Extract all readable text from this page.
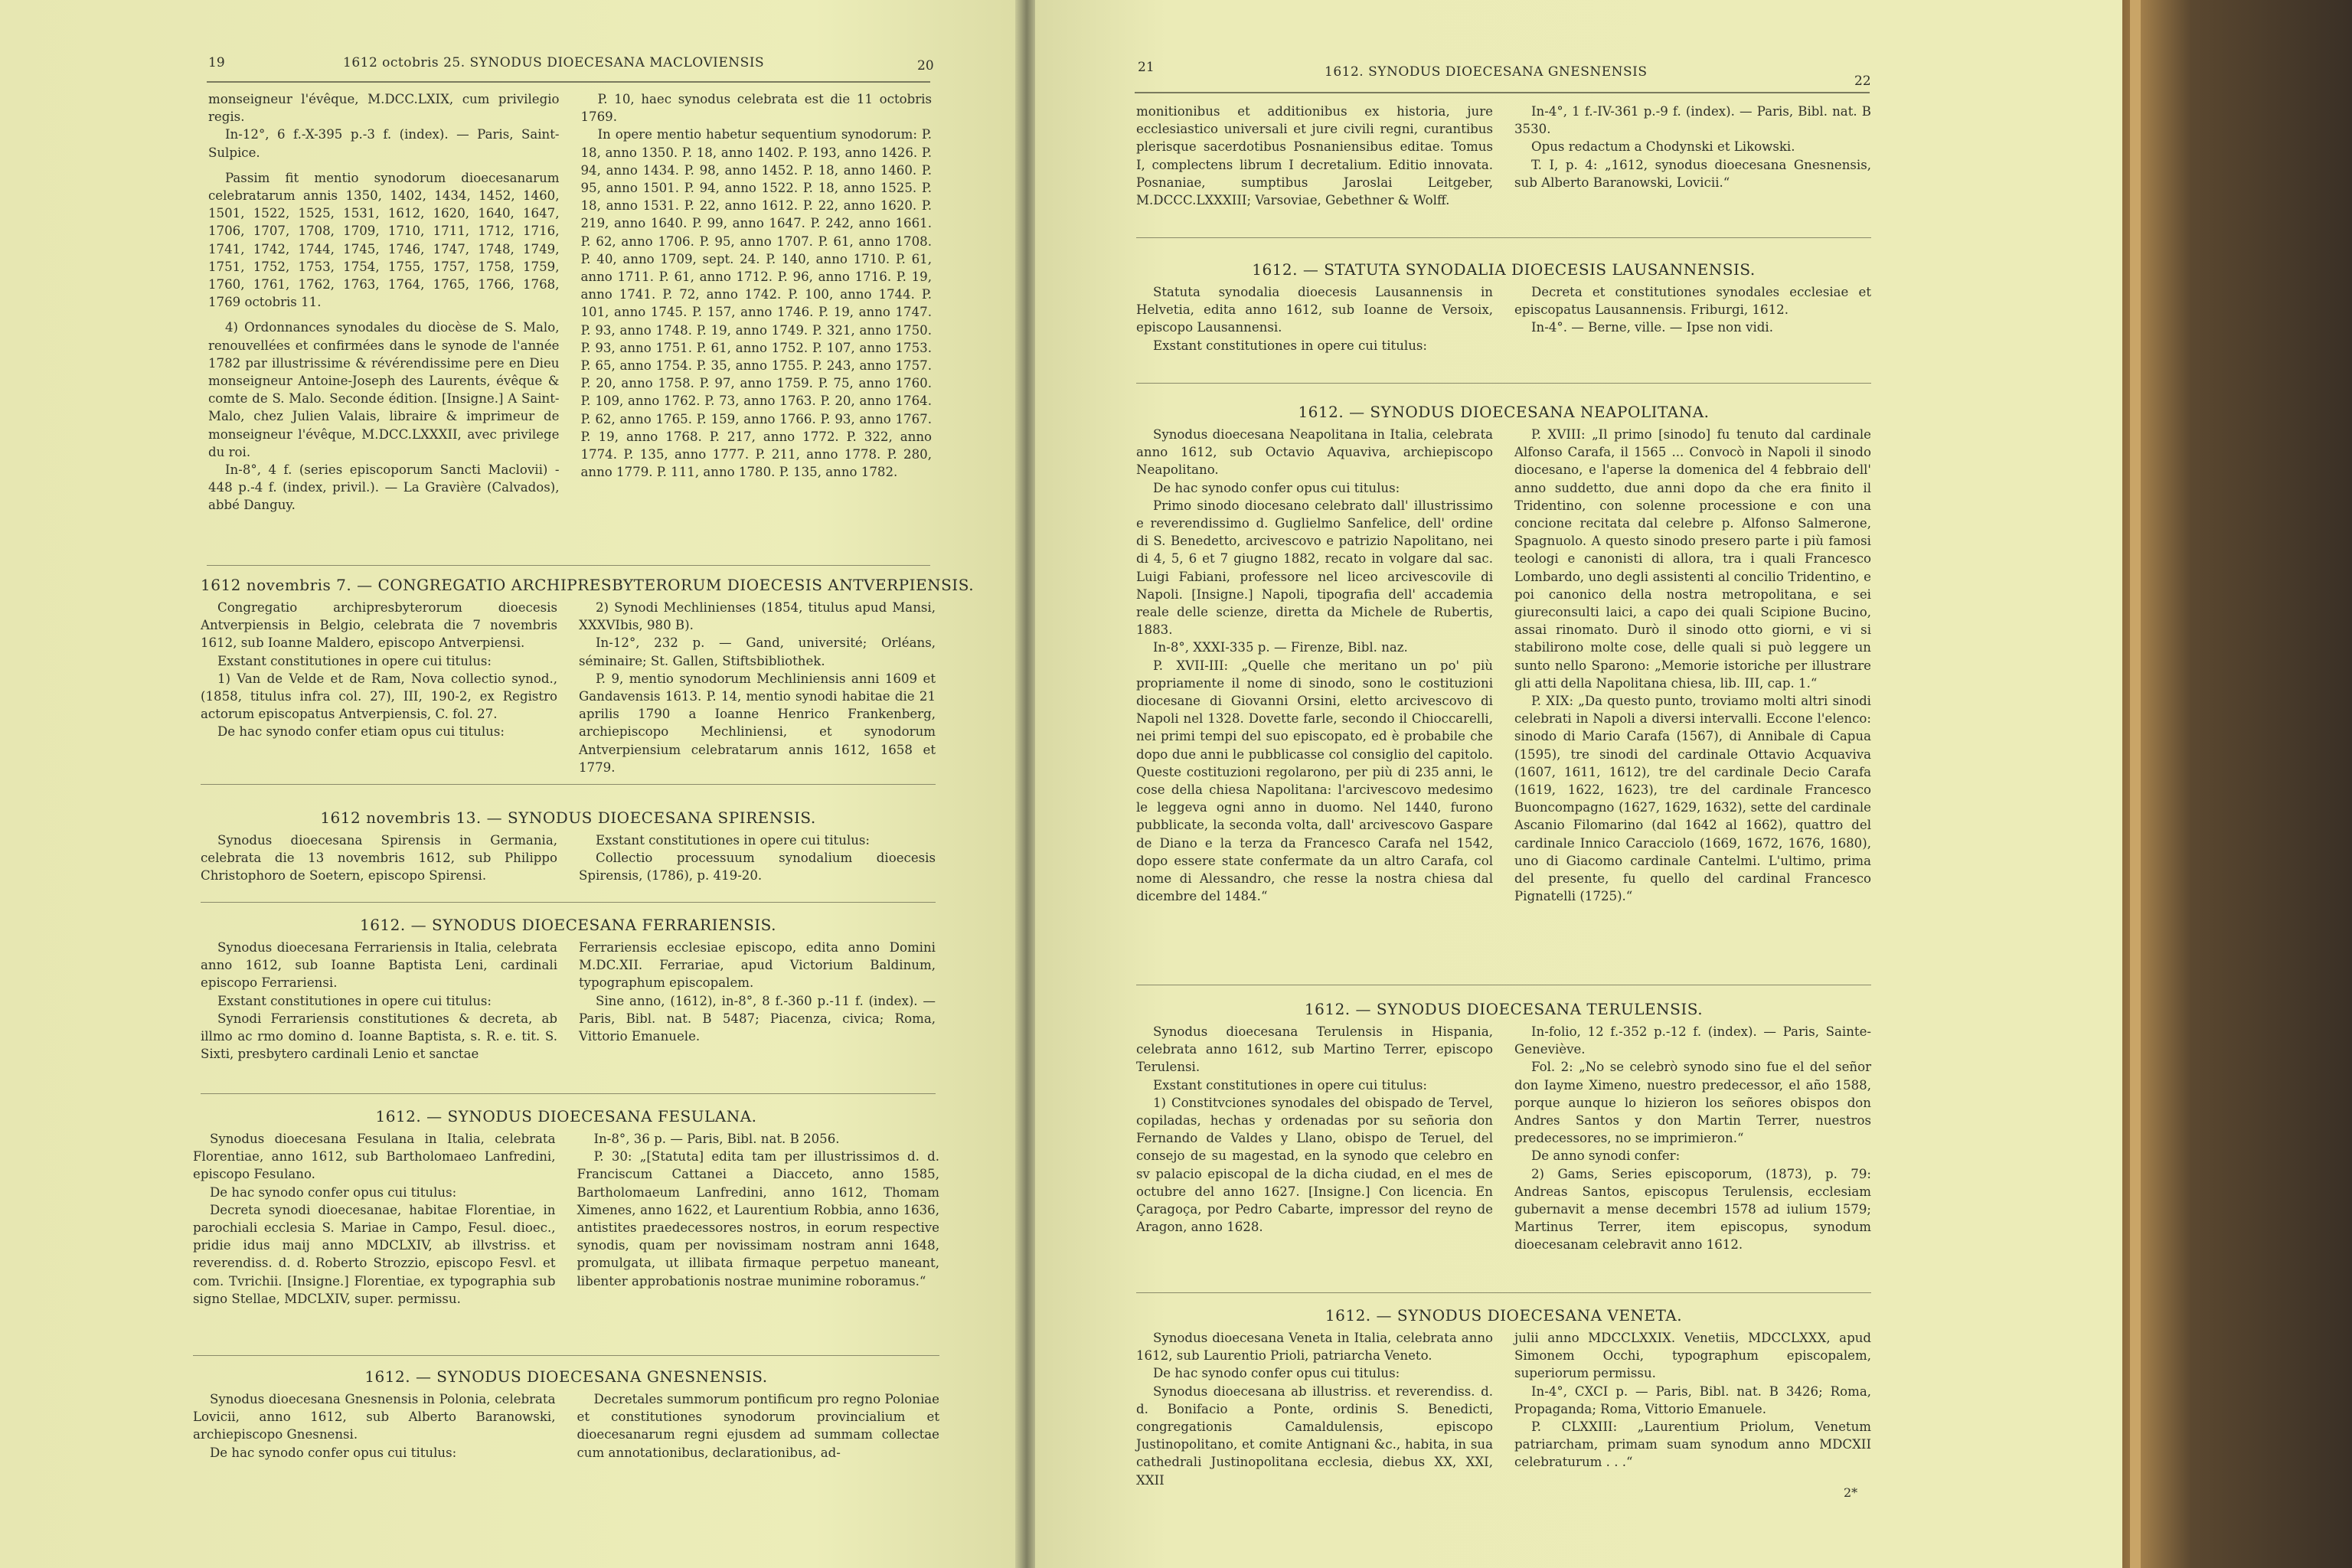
19	1612 octobris 25. SYNODUS DIOECESANA MACLOVIENSIS	20

monseigneur l'évêque, M.DCC.LXIX, cum privilegio regis.

In-12°, 6 f.-X-395 p.-3 f. (index). — Paris, Saint-Sulpice.

Passim fit mentio synodorum dioecesanarum celebratarum annis 1350, 1402, 1434, 1452, 1460, 1501, 1522, 1525, 1531, 1612, 1620, 1640, 1647, 1706, 1707, 1708, 1709, 1710, 1711, 1712, 1716, 1741, 1742, 1744, 1745, 1746, 1747, 1748, 1749, 1751, 1752, 1753, 1754, 1755, 1757, 1758, 1759, 1760, 1761, 1762, 1763, 1764, 1765, 1766, 1768, 1769 octobris 11.

4) Ordonnances synodales du diocèse de S. Malo, renouvellées et confirmées dans le synode de l'année 1782 par illustrissime & révérendissime pere en Dieu monseigneur Antoine-Joseph des Laurents, évêque & comte de S. Malo. Seconde édition. [Insigne.] A Saint-Malo, chez Julien Valais, libraire & imprimeur de monseigneur l'évêque, M.DCC.LXXXII, avec privilege du roi.

In-8°, 4 f. (series episcoporum Sancti Maclovii) - 448 p.-4 f. (index, privil.). — La Gravière (Calvados), abbé Danguy.

P. 10, haec synodus celebrata est die 11 octobris 1769.

In opere mentio habetur sequentium synodorum: P. 18, anno 1350. P. 18, anno 1402. P. 193, anno 1426. P. 94, anno 1434. P. 98, anno 1452. P. 18, anno 1460. P. 95, anno 1501. P. 94, anno 1522. P. 18, anno 1525. P. 18, anno 1531. P. 22, anno 1612. P. 22, anno 1620. P. 219, anno 1640. P. 99, anno 1647. P. 242, anno 1661. P. 62, anno 1706. P. 95, anno 1707. P. 61, anno 1708. P. 40, anno 1709, sept. 24. P. 140, anno 1710. P. 61, anno 1711. P. 61, anno 1712. P. 96, anno 1716. P. 19, anno 1741. P. 72, anno 1742. P. 100, anno 1744. P. 101, anno 1745. P. 157, anno 1746. P. 19, anno 1747. P. 93, anno 1748. P. 19, anno 1749. P. 321, anno 1750. P. 93, anno 1751. P. 61, anno 1752. P. 107, anno 1753. P. 65, anno 1754. P. 35, anno 1755. P. 243, anno 1757. P. 20, anno 1758. P. 97, anno 1759. P. 75, anno 1760. P. 109, anno 1762. P. 73, anno 1763. P. 20, anno 1764. P. 62, anno 1765. P. 159, anno 1766. P. 93, anno 1767. P. 19, anno 1768. P. 217, anno 1772. P. 322, anno 1774. P. 135, anno 1777. P. 211, anno 1778. P. 280, anno 1779. P. 111, anno 1780. P. 135, anno 1782.

1612 novembris 7. — CONGREGATIO ARCHIPRESBYTERORUM DIOECESIS ANTVERPIENSIS.

Congregatio archipresbyterorum dioecesis Antverpiensis in Belgio, celebrata die 7 novembris 1612, sub Ioanne Maldero, episcopo Antverpiensi.

Exstant constitutiones in opere cui titulus:

1) Van de Velde et de Ram, Nova collectio synod., (1858, titulus infra col. 27), III, 190-2, ex Registro actorum episcopatus Antverpiensis, C. fol. 27.

De hac synodo confer etiam opus cui titulus:

2) Synodi Mechlinienses (1854, titulus apud Mansi, XXXVIbis, 980 B).

In-12°, 232 p. — Gand, université; Orléans, séminaire; St. Gallen, Stiftsbibliothek.

P. 9, mentio synodorum Mechliniensis anni 1609 et Gandavensis 1613. P. 14, mentio synodi habitae die 21 aprilis 1790 a Ioanne Henrico Frankenberg, archiepiscopo Mechliniensi, et synodorum Antverpiensium celebratarum annis 1612, 1658 et 1779.

1612 novembris 13. — SYNODUS DIOECESANA SPIRENSIS.

Synodus dioecesana Spirensis in Germania, celebrata die 13 novembris 1612, sub Philippo Christophoro de Soetern, episcopo Spirensi.

Exstant constitutiones in opere cui titulus:

Collectio processuum synodalium dioecesis Spirensis, (1786), p. 419-20.

1612. — SYNODUS DIOECESANA FERRARIENSIS.

Synodus dioecesana Ferrariensis in Italia, celebrata anno 1612, sub Ioanne Baptista Leni, cardinali episcopo Ferrariensi.

Exstant constitutiones in opere cui titulus:

Synodi Ferrariensis constitutiones & decreta, ab illmo ac rmo domino d. Ioanne Baptista, s. R. e. tit. S. Sixti, presbytero cardinali Lenio et sanctae

Ferrariensis ecclesiae episcopo, edita anno Domini M.DC.XII. Ferrariae, apud Victorium Baldinum, typographum episcopalem.

Sine anno, (1612), in-8°, 8 f.-360 p.-11 f. (index). — Paris, Bibl. nat. B 5487; Piacenza, civica; Roma, Vittorio Emanuele.

1612. — SYNODUS DIOECESANA FESULANA.

Synodus dioecesana Fesulana in Italia, celebrata Florentiae, anno 1612, sub Bartholomaeo Lanfredini, episcopo Fesulano.

De hac synodo confer opus cui titulus:

Decreta synodi dioecesanae, habitae Florentiae, in parochiali ecclesia S. Mariae in Campo, Fesul. dioec., pridie idus maij anno MDCLXIV, ab illvstriss. et reverendiss. d. d. Roberto Strozzio, episcopo Fesvl. et com. Tvrichii. [Insigne.] Florentiae, ex typographia sub signo Stellae, MDCLXIV, super. permissu.

In-8°, 36 p. — Paris, Bibl. nat. B 2056.

P. 30: „[Statuta] edita tam per illustrissimos d. d. Franciscum Cattanei a Diacceto, anno 1585, Bartholomaeum Lanfredini, anno 1612, Thomam Ximenes, anno 1622, et Laurentium Robbia, anno 1636, antistites praedecessores nostros, in eorum respective synodis, quam per novissimam nostram anni 1648, promulgata, ut illibata firmaque perpetuo maneant, libenter approbationis nostrae munimine roboramus.“

1612. — SYNODUS DIOECESANA GNESNENSIS.

Synodus dioecesana Gnesnensis in Polonia, celebrata Lovicii, anno 1612, sub Alberto Baranowski, archiepiscopo Gnesnensi.

De hac synodo confer opus cui titulus:

Decretales summorum pontificum pro regno Poloniae et constitutiones synodorum provincialium et dioecesanarum regni ejusdem ad summam collectae cum annotationibus, declarationibus, ad-

21	1612. SYNODUS DIOECESANA GNESNENSIS
22

monitionibus et additionibus ex historia, jure ecclesiastico universali et jure civili regni, curantibus plerisque sacerdotibus Posnaniensibus editae. Tomus I, complectens librum I decretalium. Editio innovata. Posnaniae, sumptibus Jaroslai Leitgeber, M.DCCC.LXXXIII; Varsoviae, Gebethner & Wolff.

In-4°, 1 f.-IV-361 p.-9 f. (index). — Paris, Bibl. nat. B 3530.

Opus redactum a Chodynski et Likowski.

T. I, p. 4: „1612, synodus dioecesana Gnesnensis, sub Alberto Baranowski, Lovicii.“

1612. — STATUTA SYNODALIA DIOECESIS LAUSANNENSIS.

Statuta synodalia dioecesis Lausannensis in Helvetia, edita anno 1612, sub Ioanne de Versoix, episcopo Lausannensi.

Exstant constitutiones in opere cui titulus:

Decreta et constitutiones synodales ecclesiae et episcopatus Lausannensis. Friburgi, 1612.

In-4°. — Berne, ville. — Ipse non vidi.

1612. — SYNODUS DIOECESANA NEAPOLITANA.

Synodus dioecesana Neapolitana in Italia, celebrata anno 1612, sub Octavio Aquaviva, archiepiscopo Neapolitano.

De hac synodo confer opus cui titulus:

Primo sinodo diocesano celebrato dall' illustrissimo e reverendissimo d. Guglielmo Sanfelice, dell' ordine di S. Benedetto, arcivescovo e patrizio Napolitano, nei di 4, 5, 6 et 7 giugno 1882, recato in volgare dal sac. Luigi Fabiani, professore nel liceo arcivescovile di Napoli. [Insigne.] Napoli, tipografia dell' accademia reale delle scienze, diretta da Michele de Rubertis, 1883.

In-8°, XXXI-335 p. — Firenze, Bibl. naz.

P. XVII-III: „Quelle che meritano un po' più propriamente il nome di sinodo, sono le costituzioni diocesane di Giovanni Orsini, eletto arcivescovo di Napoli nel 1328. Dovette farle, secondo il Chioccarelli, nei primi tempi del suo episcopato, ed è probabile che dopo due anni le pubblicasse col consiglio del capitolo. Queste costituzioni regolarono, per più di 235 anni, le cose della chiesa Napolitana: l'arcivescovo medesimo le leggeva ogni anno in duomo. Nel 1440, furono pubblicate, la seconda volta, dall' arcivescovo Gaspare de Diano e la terza da Francesco Carafa nel 1542, dopo essere state confermate da un altro Carafa, col nome di Alessandro, che resse la nostra chiesa dal dicembre del 1484.“

P. XVIII: „Il primo [sinodo] fu tenuto dal cardinale Alfonso Carafa, il 1565 ... Convocò in Napoli il sinodo diocesano, e l'aperse la domenica del 4 febbraio dell' anno suddetto, due anni dopo da che era finito il Tridentino, con solenne processione e con una concione recitata dal celebre p. Alfonso Salmerone, Spagnuolo. A questo sinodo presero parte i più famosi teologi e canonisti di allora, tra i quali Francesco Lombardo, uno degli assistenti al concilio Tridentino, e poi canonico della nostra metropolitana, e sei giureconsulti laici, a capo dei quali Scipione Bucino, assai rinomato. Durò il sinodo otto giorni, e vi si stabilirono molte cose, delle quali si può leggere un sunto nello Sparono: „Memorie istoriche per illustrare gli atti della Napolitana chiesa, lib. III, cap. 1.“

P. XIX: „Da questo punto, troviamo molti altri sinodi celebrati in Napoli a diversi intervalli. Eccone l'elenco: sinodo di Mario Carafa (1567), di Annibale di Capua (1595), tre sinodi del cardinale Ottavio Acquaviva (1607, 1611, 1612), tre del cardinale Decio Carafa (1619, 1622, 1623), tre del cardinale Francesco Buoncompagno (1627, 1629, 1632), sette del cardinale Ascanio Filomarino (dal 1642 al 1662), quattro del cardinale Innico Caracciolo (1669, 1672, 1676, 1680), uno di Giacomo cardinale Cantelmi. L'ultimo, prima del presente, fu quello del cardinal Francesco Pignatelli (1725).“

1612. — SYNODUS DIOECESANA TERULENSIS.

Synodus dioecesana Terulensis in Hispania, celebrata anno 1612, sub Martino Terrer, episcopo Terulensi.

Exstant constitutiones in opere cui titulus:

1) Constitvciones synodales del obispado de Tervel, copiladas, hechas y ordenadas por su señoria don Fernando de Valdes y Llano, obispo de Teruel, del consejo de su magestad, en la synodo que celebro en sv palacio episcopal de la dicha ciudad, en el mes de octubre del anno 1627. [Insigne.] Con licencia. En Çaragoça, por Pedro Cabarte, impressor del reyno de Aragon, anno 1628.

In-folio, 12 f.-352 p.-12 f. (index). — Paris, Sainte-Geneviève.

Fol. 2: „No se celebrò synodo sino fue el del señor don Iayme Ximeno, nuestro predecessor, el año 1588, porque aunque lo hizieron los señores obispos don Andres Santos y don Martin Terrer, nuestros predecessores, no se imprimieron.“

De anno synodi confer:

2) Gams, Series episcoporum, (1873), p. 79: Andreas Santos, episcopus Terulensis, ecclesiam gubernavit a mense decembri 1578 ad iulium 1579; Martinus Terrer, item episcopus, synodum dioecesanam celebravit anno 1612.

1612. — SYNODUS DIOECESANA VENETA.

Synodus dioecesana Veneta in Italia, celebrata anno 1612, sub Laurentio Prioli, patriarcha Veneto.

De hac synodo confer opus cui titulus:

Synodus dioecesana ab illustriss. et reverendiss. d. d. Bonifacio a Ponte, ordinis S. Benedicti, congregationis Camaldulensis, episcopo Justinopolitano, et comite Antignani &c., habita, in sua cathedrali Justinopolitana ecclesia, diebus XX, XXI, XXII

julii anno MDCCLXXIX. Venetiis, MDCCLXXX, apud Simonem Occhi, typographum episcopalem, superiorum permissu.

In-4°, CXCI p. — Paris, Bibl. nat. B 3426; Roma, Propaganda; Roma, Vittorio Emanuele.

P. CLXXIII: „Laurentium Priolum, Venetum patriarcham, primam suam synodum anno MDCXII celebraturum . . .“

2*
